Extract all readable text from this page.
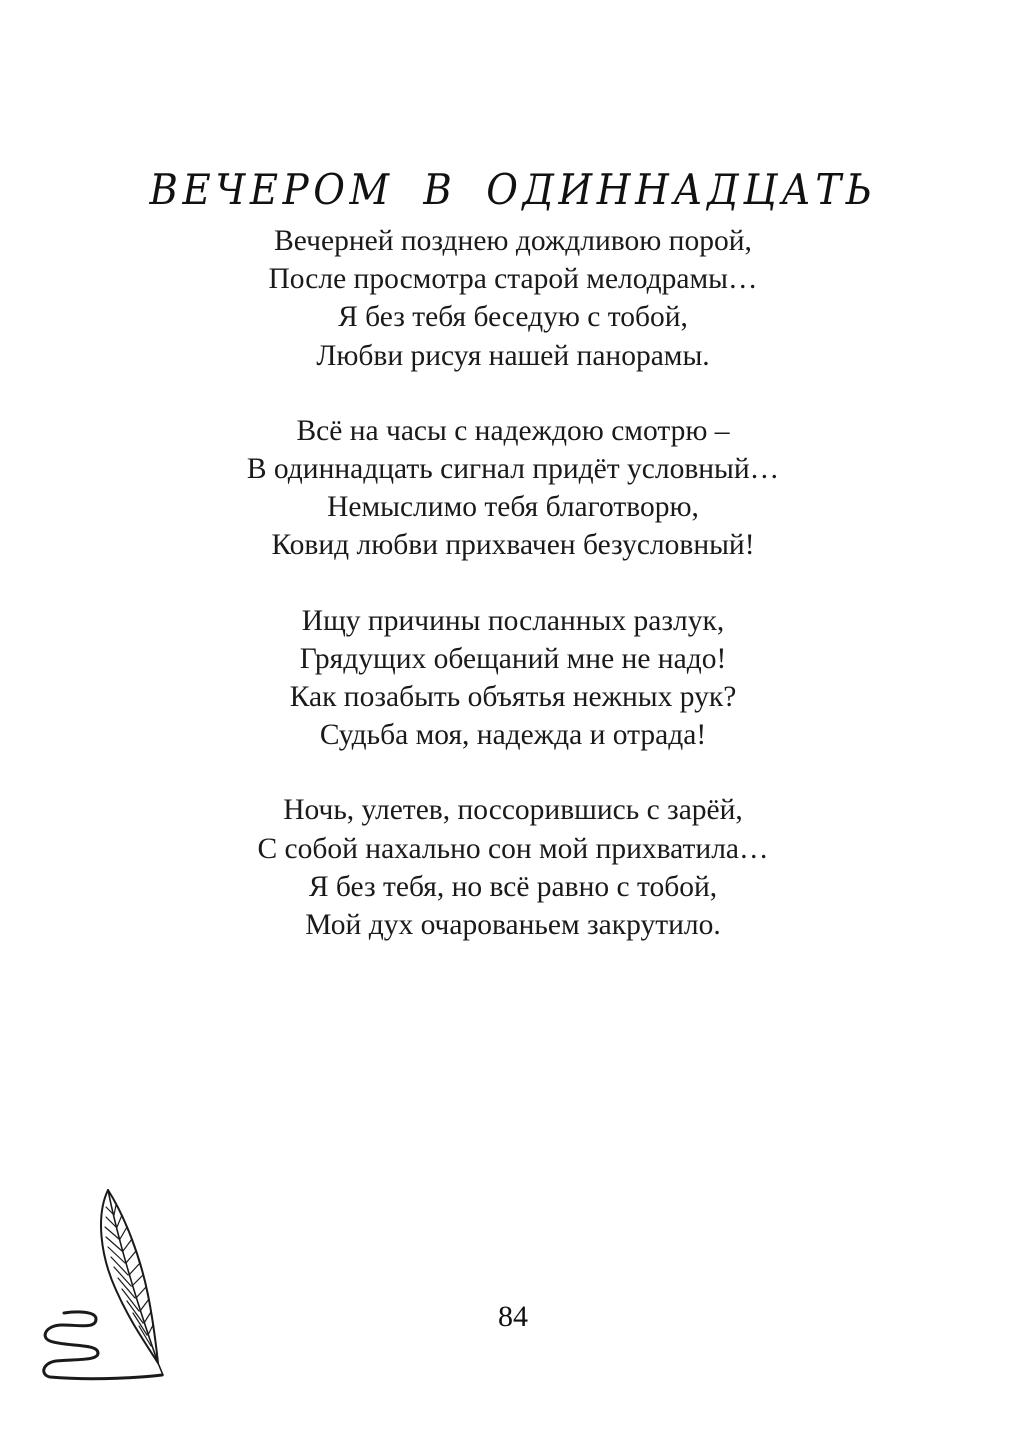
ВЕЧЕРОМ В ОДИННАДЦАТЬ
Вечерней позднею дождливою порой,
После просмотра старой мелодрамы…
Я без тебя беседую с тобой,
Любви рисуя нашей панорамы.
Всё на часы с надеждою смотрю –
В одиннадцать сигнал придёт условный…
Немыслимо тебя благотворю,
Ковид любви прихвачен безусловный!
Ищу причины посланных разлук,
Грядущих обещаний мне не надо!
Как позабыть объятья нежных рук?
Судьба моя, надежда и отрада!
Ночь, улетев, поссорившись с зарёй,
С собой нахально сон мой прихватила…
Я без тебя, но всё равно с тобой,
Мой дух очарованьем закрутило.
84
